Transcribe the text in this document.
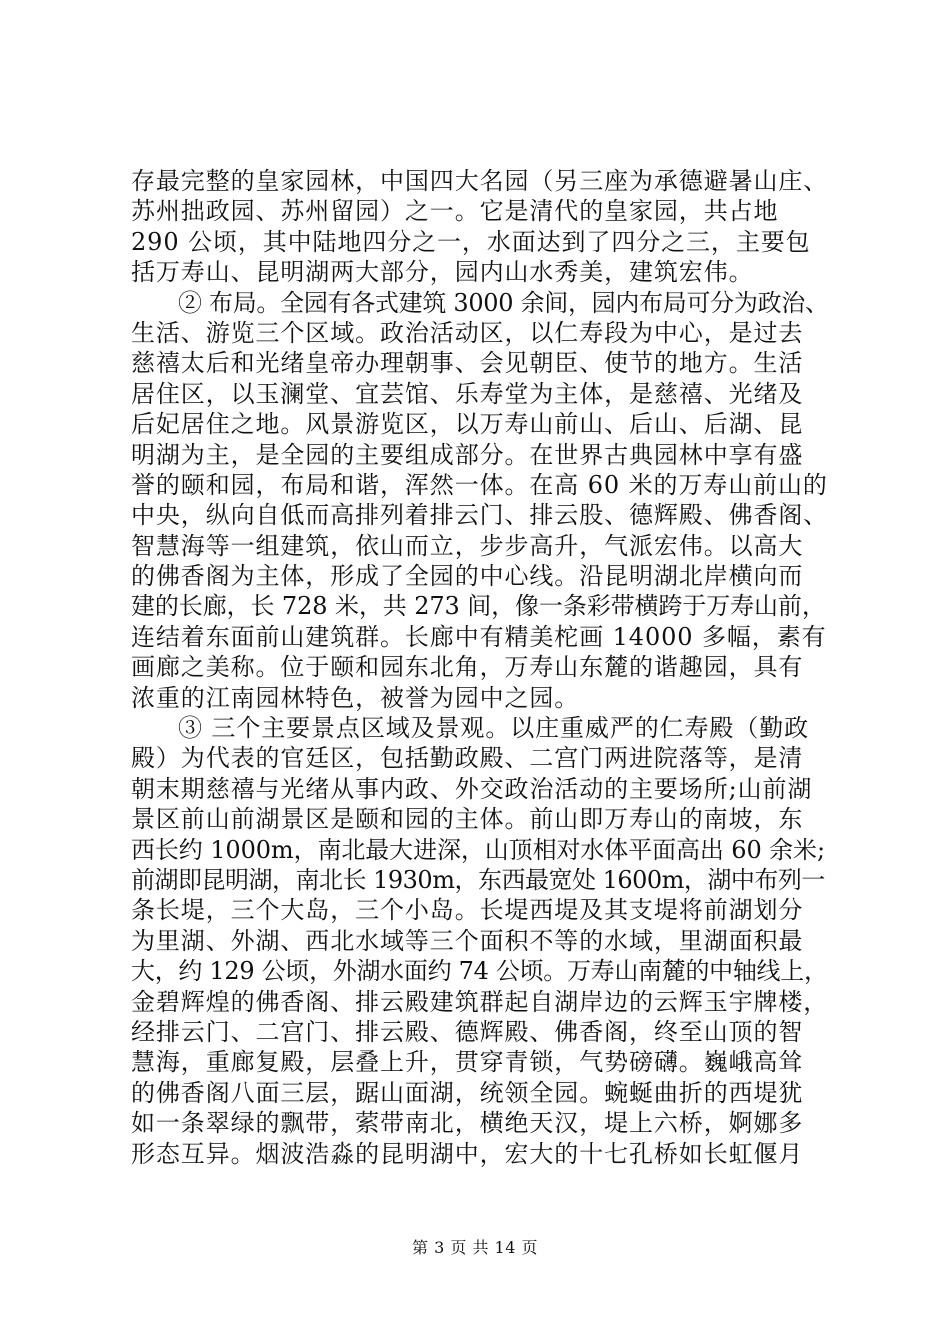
存最完整的皇家园林，中国四大名园（另三座为承德避暑山庄、
苏州拙政园、苏州留园）之一。它是清代的皇家园，共占地
290 公顷，其中陆地四分之一，水面达到了四分之三，主要包
括万寿山、昆明湖两大部分，园内山水秀美，建筑宏伟。
② 布局。全园有各式建筑 3000 余间，园内布局可分为政治、
生活、游览三个区域。政治活动区，以仁寿段为中心，是过去
慈禧太后和光绪皇帝办理朝事、会见朝臣、使节的地方。生活
居住区，以玉澜堂、宜芸馆、乐寿堂为主体，是慈禧、光绪及
后妃居住之地。风景游览区，以万寿山前山、后山、后湖、昆
明湖为主，是全园的主要组成部分。在世界古典园林中享有盛
誉的颐和园，布局和谐，浑然一体。在高 60 米的万寿山前山的
中央，纵向自低而高排列着排云门、排云股、德辉殿、佛香阁、
智慧海等一组建筑，依山而立，步步高升，气派宏伟。以高大
的佛香阁为主体，形成了全园的中心线。沿昆明湖北岸横向而
建的长廊，长 728 米，共 273 间，像一条彩带横跨于万寿山前，
连结着东面前山建筑群。长廊中有精美柁画 14000 多幅，素有
画廊之美称。位于颐和园东北角，万寿山东麓的谐趣园，具有
浓重的江南园林特色，被誉为园中之园。
③ 三个主要景点区域及景观。以庄重威严的仁寿殿（勤政
殿）为代表的官廷区，包括勤政殿、二宫门两进院落等，是清
朝末期慈禧与光绪从事内政、外交政治活动的主要场所;山前湖
景区前山前湖景区是颐和园的主体。前山即万寿山的南坡，东
西长约 1000m，南北最大进深，山顶相对水体平面高出 60 余米;
前湖即昆明湖，南北长 1930m，东西最宽处 1600m，湖中布列一
条长堤，三个大岛，三个小岛。长堤西堤及其支堤将前湖划分
为里湖、外湖、西北水域等三个面积不等的水域，里湖面积最
大，约 129 公顷，外湖水面约 74 公顷。万寿山南麓的中轴线上，
金碧辉煌的佛香阁、排云殿建筑群起自湖岸边的云辉玉宇牌楼，
经排云门、二宫门、排云殿、德辉殿、佛香阁，终至山顶的智
慧海，重廊复殿，层叠上升，贯穿青锁，气势磅礴。巍峨高耸
的佛香阁八面三层，踞山面湖，统领全园。蜿蜒曲折的西堤犹
如一条翠绿的飘带，萦带南北，横绝天汉，堤上六桥，婀娜多
形态互异。烟波浩淼的昆明湖中，宏大的十七孔桥如长虹偃月
第 3 页 共 14 页
